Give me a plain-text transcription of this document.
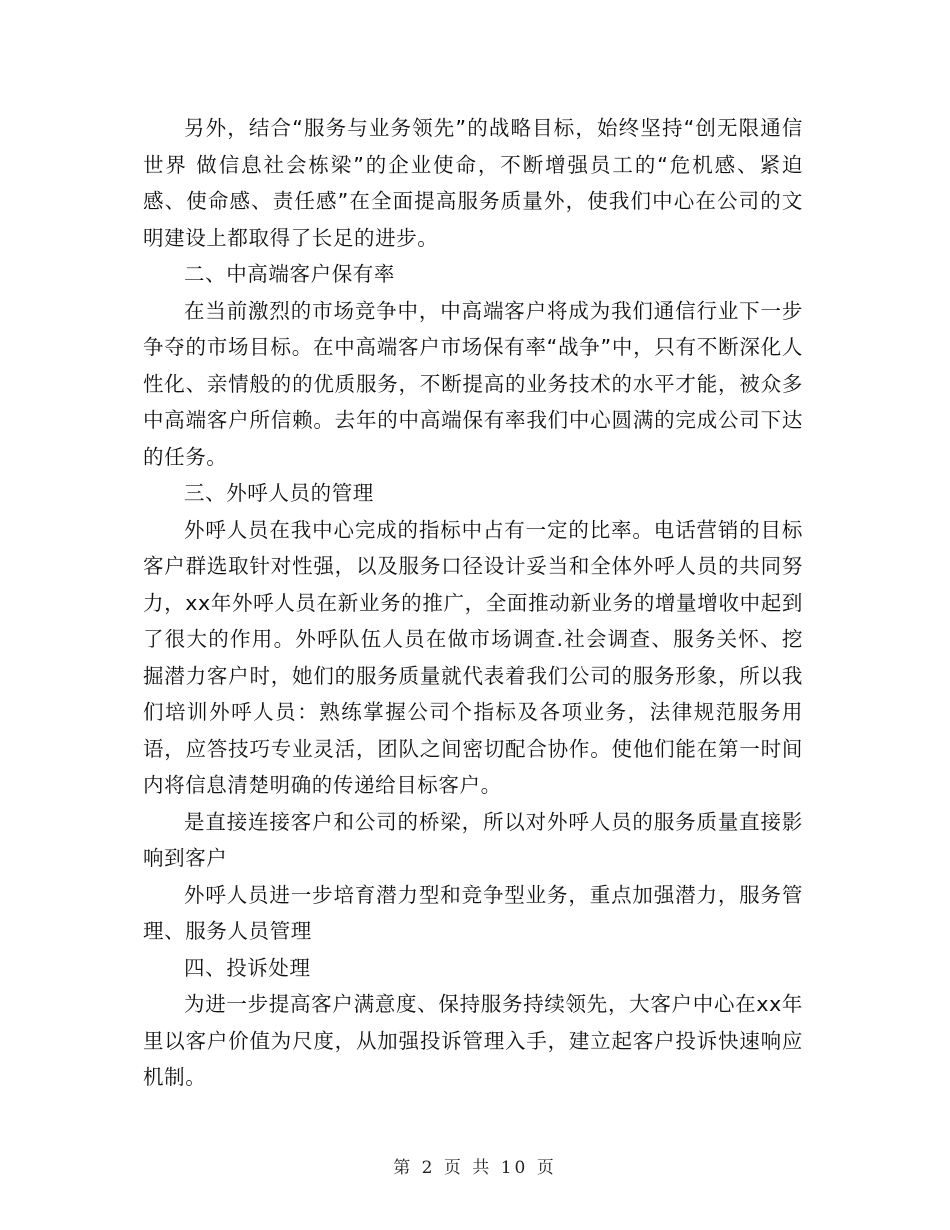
另外，结合“服务与业务领先”的战略目标，始终坚持“创无限通信世界 做信息社会栋梁”的企业使命，不断增强员工的“危机感、紧迫感、使命感、责任感”在全面提高服务质量外，使我们中心在公司的文明建设上都取得了长足的进步。

二、中高端客户保有率

在当前激烈的市场竞争中，中高端客户将成为我们通信行业下一步争夺的市场目标。在中高端客户市场保有率“战争”中，只有不断深化人性化、亲情般的的优质服务，不断提高的业务技术的水平才能，被众多中高端客户所信赖。去年的中高端保有率我们中心圆满的完成公司下达的任务。

三、外呼人员的管理

外呼人员在我中心完成的指标中占有一定的比率。电话营销的目标客户群选取针对性强，以及服务口径设计妥当和全体外呼人员的共同努力，xx年外呼人员在新业务的推广，全面推动新业务的增量增收中起到了很大的作用。外呼队伍人员在做市场调查.社会调查、服务关怀、挖掘潜力客户时，她们的服务质量就代表着我们公司的服务形象，所以我们培训外呼人员：熟练掌握公司个指标及各项业务，法律规范服务用语，应答技巧专业灵活，团队之间密切配合协作。使他们能在第一时间内将信息清楚明确的传递给目标客户。

是直接连接客户和公司的桥梁，所以对外呼人员的服务质量直接影响到客户

外呼人员进一步培育潜力型和竞争型业务，重点加强潜力，服务管理、服务人员管理

四、投诉处理

为进一步提高客户满意度、保持服务持续领先，大客户中心在xx年里以客户价值为尺度，从加强投诉管理入手，建立起客户投诉快速响应机制。

第 2 页 共 10 页
